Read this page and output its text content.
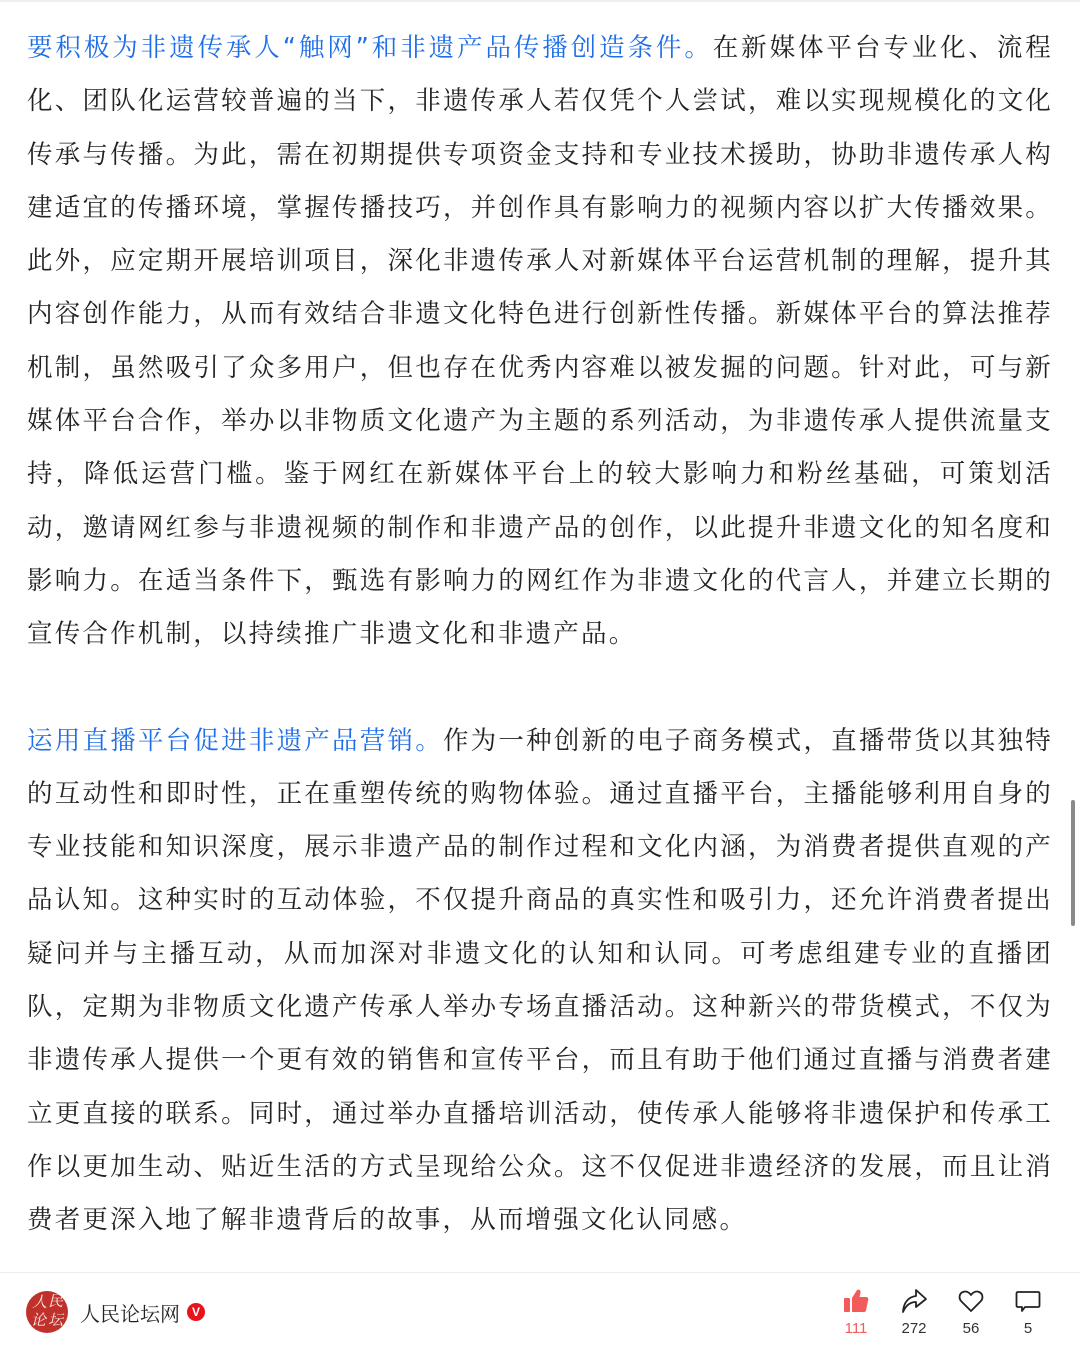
要积极为非遗传承人“触网”和非遗产品传播创造条件。在新媒体平台专业化、流程化、团队化运营较普遍的当下，非遗传承人若仅凭个人尝试，难以实现规模化的文化传承与传播。为此，需在初期提供专项资金支持和专业技术援助，协助非遗传承人构建适宜的传播环境，掌握传播技巧，并创作具有影响力的视频内容以扩大传播效果。此外，应定期开展培训项目，深化非遗传承人对新媒体平台运营机制的理解，提升其内容创作能力，从而有效结合非遗文化特色进行创新性传播。新媒体平台的算法推荐机制，虽然吸引了众多用户，但也存在优秀内容难以被发掘的问题。针对此，可与新媒体平台合作，举办以非物质文化遗产为主题的系列活动，为非遗传承人提供流量支持，降低运营门槛。鉴于网红在新媒体平台上的较大影响力和粉丝基础，可策划活动，邀请网红参与非遗视频的制作和非遗产品的创作，以此提升非遗文化的知名度和影响力。在适当条件下，甄选有影响力的网红作为非遗文化的代言人，并建立长期的宣传合作机制，以持续推广非遗文化和非遗产品。

运用直播平台促进非遗产品营销。作为一种创新的电子商务模式，直播带货以其独特的互动性和即时性，正在重塑传统的购物体验。通过直播平台，主播能够利用自身的专业技能和知识深度，展示非遗产品的制作过程和文化内涵，为消费者提供直观的产品认知。这种实时的互动体验，不仅提升商品的真实性和吸引力，还允许消费者提出疑问并与主播互动，从而加深对非遗文化的认知和认同。可考虑组建专业的直播团队，定期为非物质文化遗产传承人举办专场直播活动。这种新兴的带货模式，不仅为非遗传承人提供一个更有效的销售和宣传平台，而且有助于他们通过直播与消费者建立更直接的联系。同时，通过举办直播培训活动，使传承人能够将非遗保护和传承工作以更加生动、贴近生活的方式呈现给公众。这不仅促进非遗经济的发展，而且让消费者更深入地了解非遗背后的故事，从而增强文化认同感。

人 民
论 坛 人民论坛网 V
111	272	56	5
